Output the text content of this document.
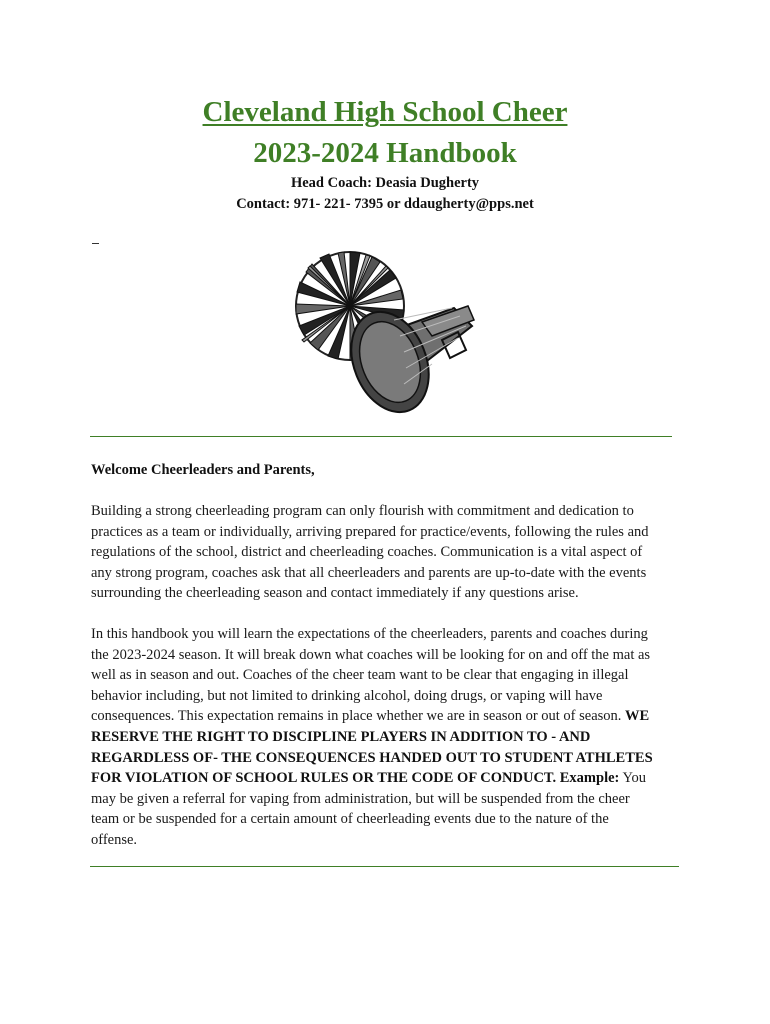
Cleveland High School Cheer
2023-2024 Handbook
Head Coach: Deasia Dugherty
Contact: 971- 221- 7395 or ddaugherty@pps.net
Welcome Cheerleaders and Parents,
Building a strong cheerleading program can only flourish with commitment and dedication to
practices as a team or individually, arriving prepared for practice/events, following the rules and
regulations of the school, district and cheerleading coaches. Communication is a vital aspect of
any strong program, coaches ask that all cheerleaders and parents are up-to-date with the events
surrounding the cheerleading season and contact immediately if any questions arise.
In this handbook you will learn the expectations of the cheerleaders, parents and coaches during
the 2023-2024 season. It will break down what coaches will be looking for on and off the mat as
well as in season and out. Coaches of the cheer team want to be clear that engaging in illegal
behavior including, but not limited to drinking alcohol, doing drugs, or vaping will have
consequences. This expectation remains in place whether we are in season or out of season. WE
RESERVE THE RIGHT TO DISCIPLINE PLAYERS IN ADDITION TO - AND
REGARDLESS OF- THE CONSEQUENCES HANDED OUT TO STUDENT ATHLETES
FOR VIOLATION OF SCHOOL RULES OR THE CODE OF CONDUCT. Example: You
may be given a referral for vaping from administration, but will be suspended from the cheer
team or be suspended for a certain amount of cheerleading events due to the nature of the
offense.
